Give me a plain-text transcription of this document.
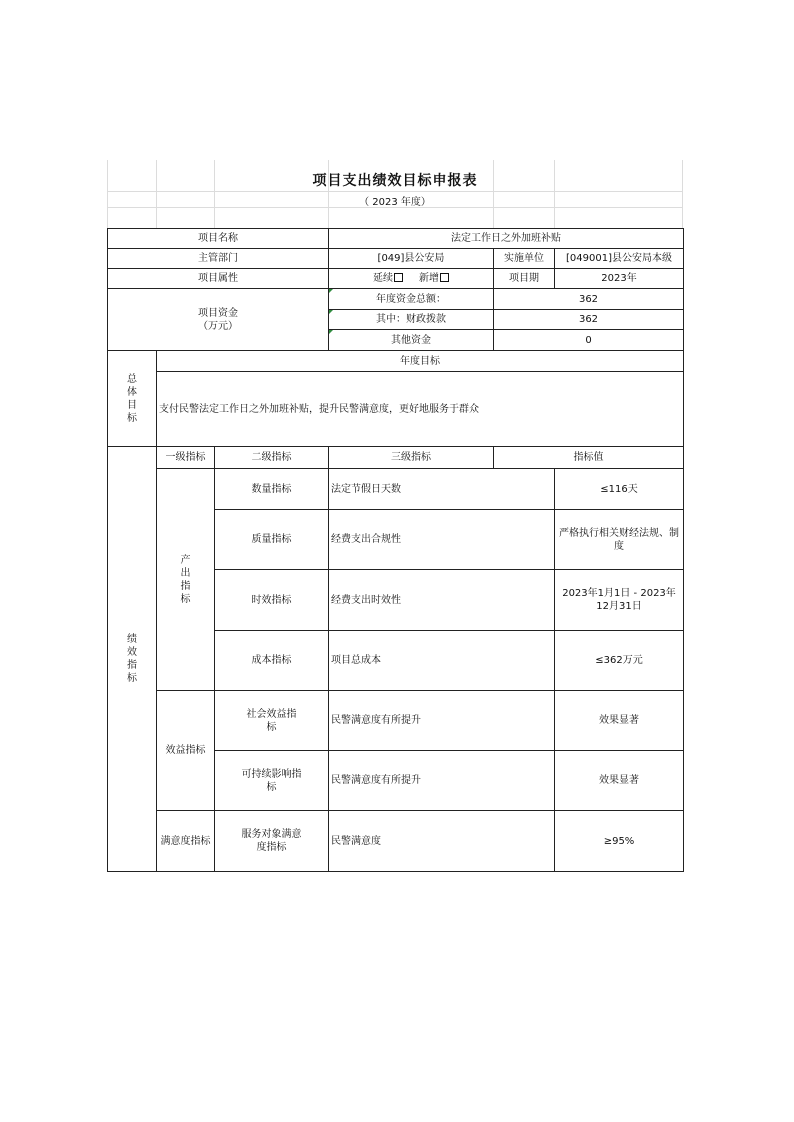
项目支出绩效目标申报表
（ 2023 年度）
项目名称			法定工作日之外加班补贴		
主管部门			[049]县公安局	实施单位	[049001]县公安局本级
项目属性			延续 新增	项目期	2023年
项目资金
（万元）			年度资金总额：	362	
			其中：财政拨款	362	
			其他资金	0	
总体目标	年度目标				
	支付民警法定工作日之外加班补贴，提升民警满意度，更好地服务于群众				
绩效指标	一级指标	二级指标	三级指标	指标值	
	产出指标	数量指标	法定节假日天数		≤116天
		质量指标	经费支出合规性		严格执行相关财经法规、制度
		时效指标	经费支出时效性		2023年1月1日 - 2023年12月31日
		成本指标	项目总成本		≤362万元
	效益指标	社会效益指标	民警满意度有所提升		效果显著
		可持续影响指标	民警满意度有所提升		效果显著
	满意度指标	服务对象满意度指标	民警满意度		≥95%
